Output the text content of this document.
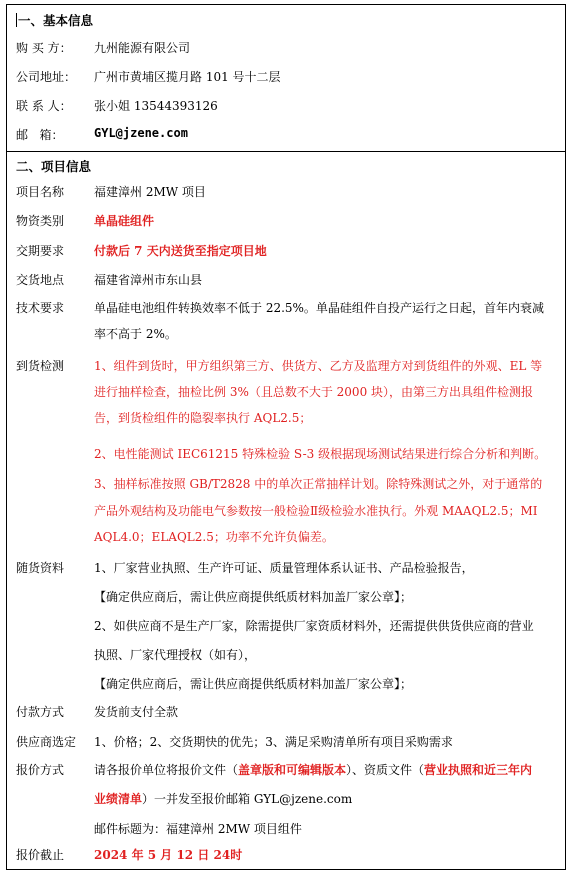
一、基本信息
购 买 方： 九州能源有限公司
公司地址： 广州市黄埔区揽月路 101 号十二层
联 系 人： 张小姐 13544393126
邮   箱：	GYL@jzene.com
二、项目信息
项目名称 福建漳州 2MW 项目
物资类别 单晶硅组件
交期要求 付款后 7 天内送货至指定项目地
交货地点 福建省漳州市东山县
技术要求 单晶硅电池组件转换效率不低于 22.5%。单晶硅组件自投产运行之日起，首年内衰减
率不高于 2%。
到货检测 1、组件到货时，甲方组织第三方、供货方、乙方及监理方对到货组件的外观、EL 等
进行抽样检查，抽检比例 3%（且总数不大于 2000 块），由第三方出具组件检测报
告，到货检组件的隐裂率执行 AQL2.5；
2、电性能测试 IEC61215 特殊检验 S-3 级根据现场测试结果进行综合分析和判断。
3、抽样标准按照 GB/T2828 中的单次正常抽样计划。除特殊测试之外，对于通常的
产品外观结构及功能电气参数按一般检验Ⅱ级检验水准执行。外观 MAAQL2.5；MI
AQL4.0；ELAQL2.5；功率不允许负偏差。
随货资料 1、厂家营业执照、生产许可证、质量管理体系认证书、产品检验报告，
【确定供应商后，需让供应商提供纸质材料加盖厂家公章】；
2、如供应商不是生产厂家，除需提供厂家资质材料外，还需提供供货供应商的营业
执照、厂家代理授权（如有），
【确定供应商后，需让供应商提供纸质材料加盖厂家公章】；
付款方式 发货前支付全款
供应商选定 1、价格；2、交货期快的优先；3、满足采购清单所有项目采购需求
报价方式 请各报价单位将报价文件（盖章版和可编辑版本）、资质文件（营业执照和近三年内
业绩清单）一并发至报价邮箱 GYL@jzene.com
邮件标题为：福建漳州 2MW 项目组件
报价截止 2024 年 5 月 12 日 24时
